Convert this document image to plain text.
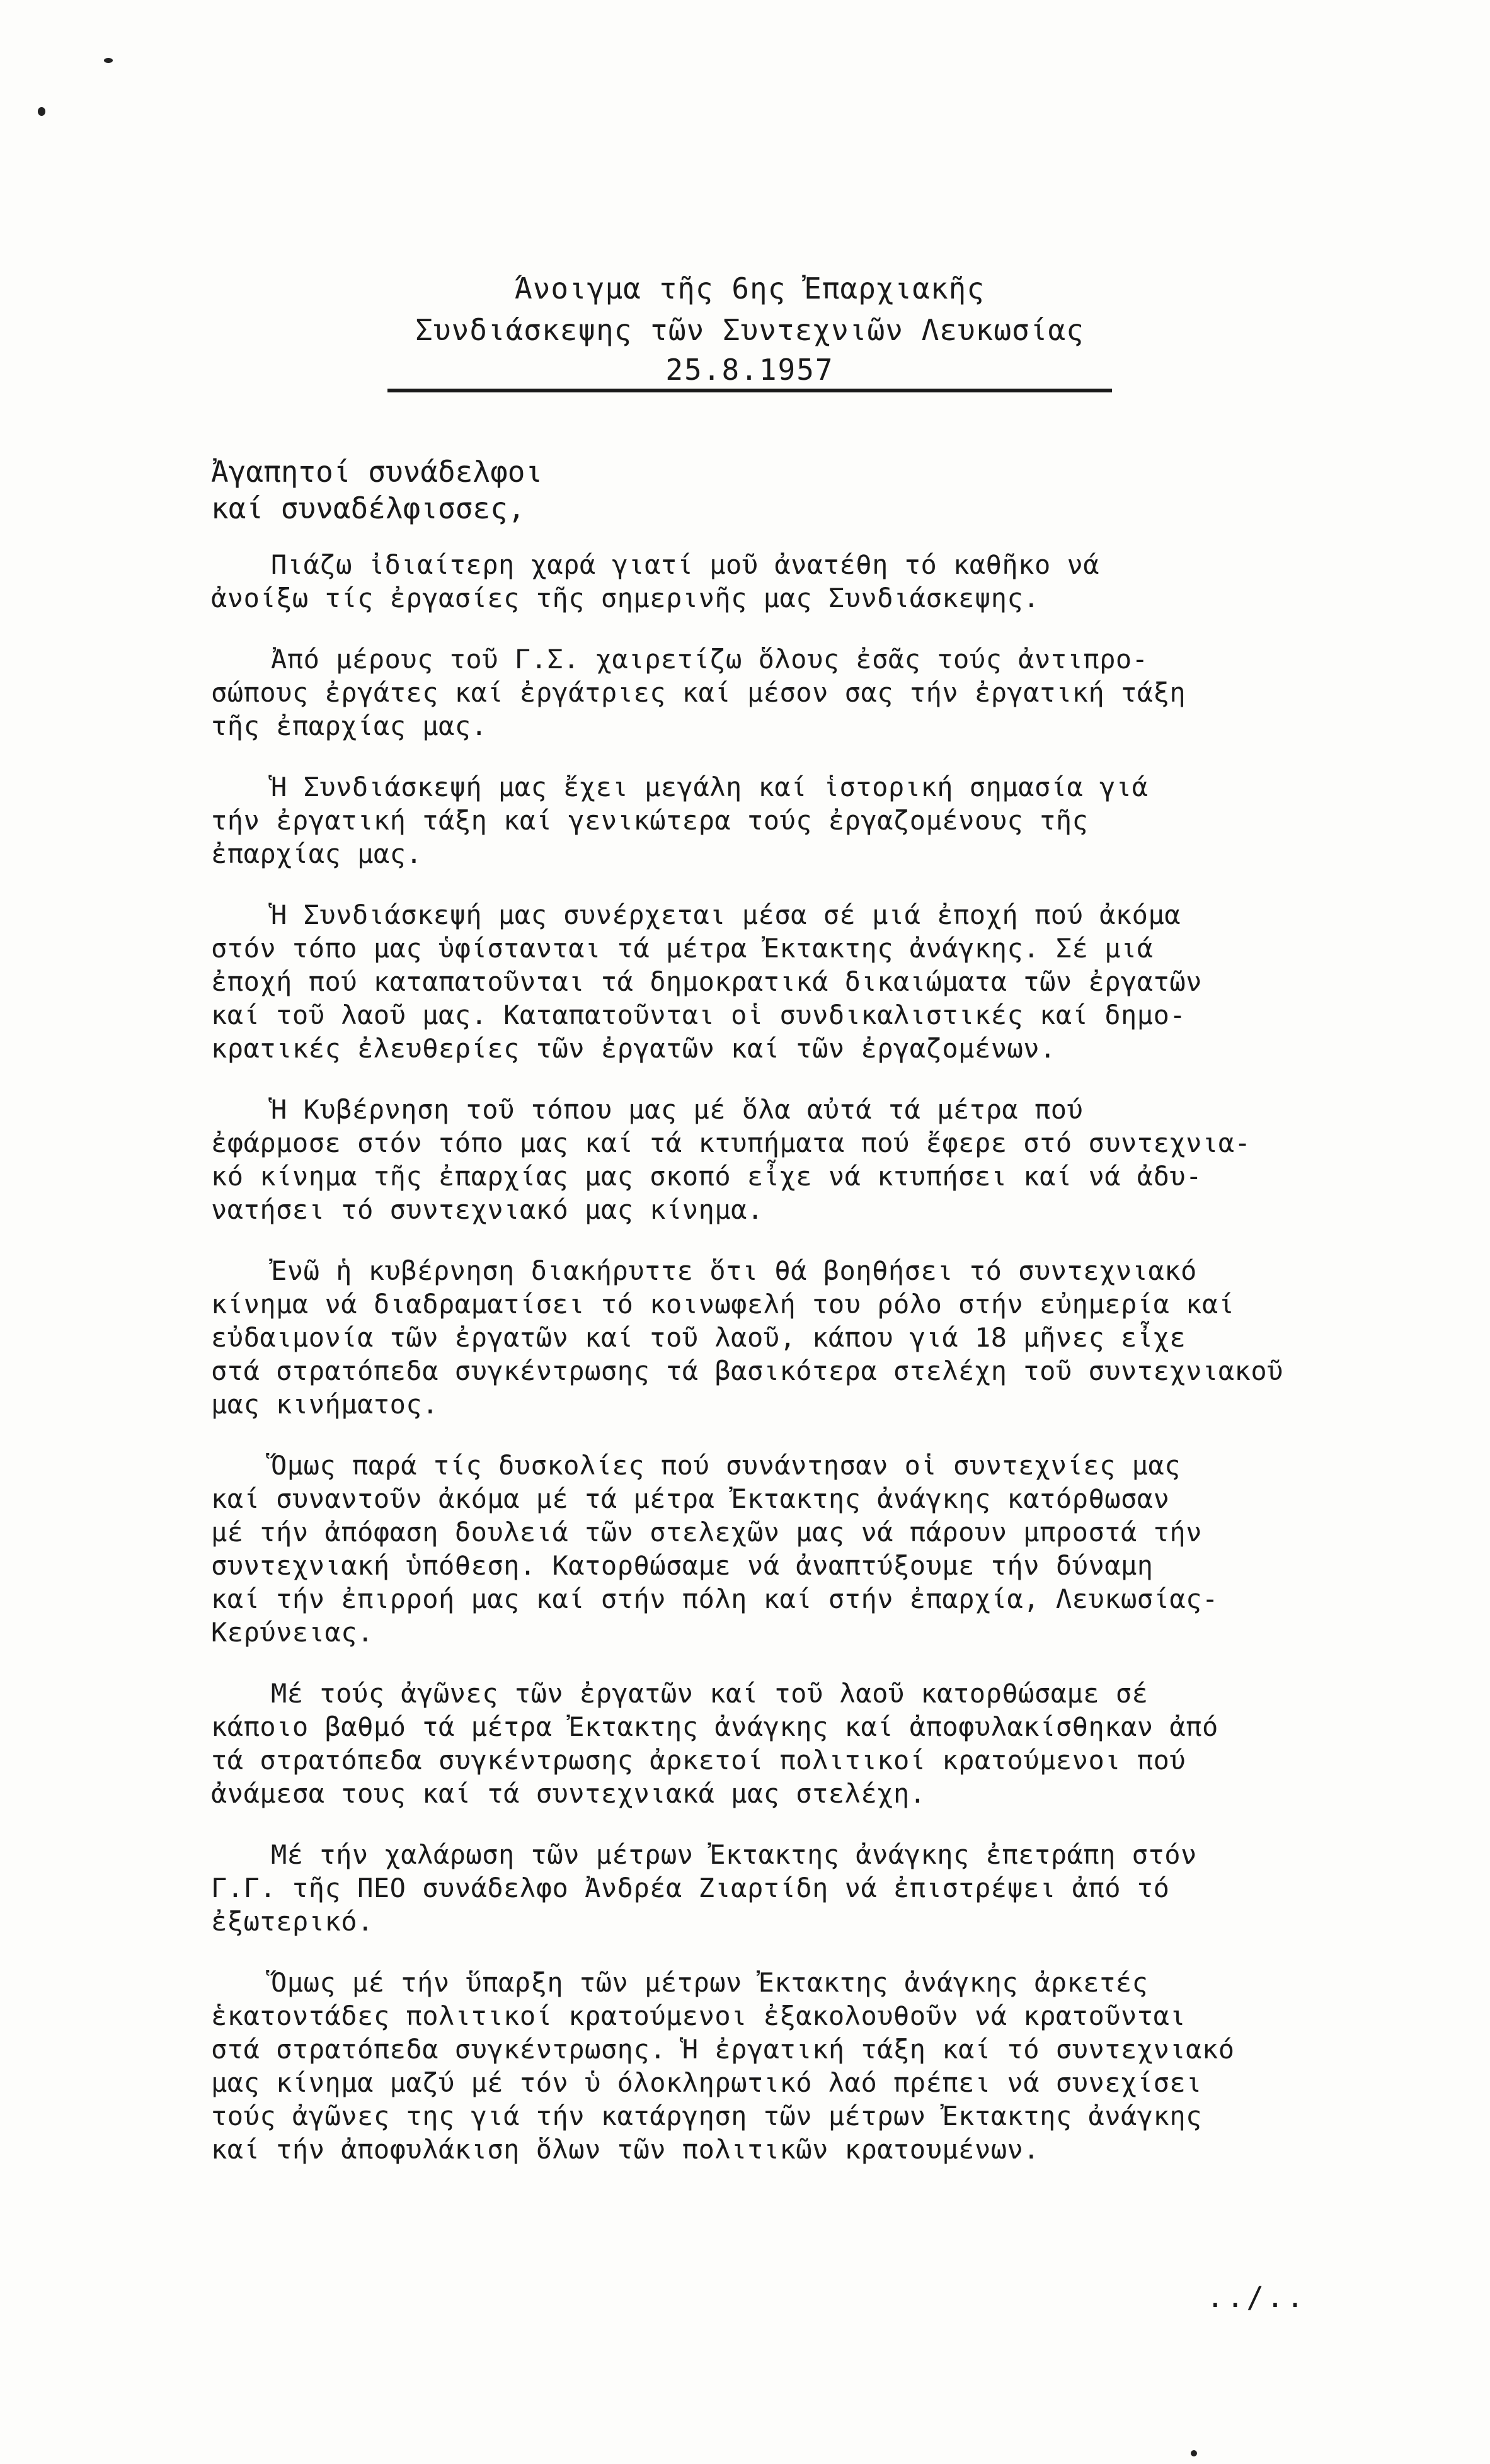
Άνοιγμα τῆς 6ης Ἐπαρχιακῆς
Συνδιάσκεψης τῶν Συντεχνιῶν Λευκωσίας
25.8.1957
Ἀγαπητοί συνάδελφοι
καί συναδέλφισσες,
Πιάζω ἰδιαίτερη χαρά γιατί μοῦ ἀνατέθη τό καθῆκο νά
ἀνοίξω τίς ἐργασίες τῆς σημερινῆς μας Συνδιάσκεψης.
Ἀπό μέρους τοῦ Γ.Σ. χαιρετίζω ὅλους ἐσᾶς τούς ἀντιπρο-
σώπους ἐργάτες καί ἐργάτριες καί μέσον σας τήν ἐργατική τάξη
τῆς ἐπαρχίας μας.
Ἡ Συνδιάσκεψή μας ἔχει μεγάλη καί ἱστορική σημασία γιά
τήν ἐργατική τάξη καί γενικώτερα τούς ἐργαζομένους τῆς
ἐπαρχίας μας.
Ἡ Συνδιάσκεψή μας συνέρχεται μέσα σέ μιά ἐποχή πού ἀκόμα
στόν τόπο μας ὑφίστανται τά μέτρα Ἐκτακτης ἀνάγκης. Σέ μιά
ἐποχή πού καταπατοῦνται τά δημοκρατικά δικαιώματα τῶν ἐργατῶν
καί τοῦ λαοῦ μας. Καταπατοῦνται οἱ συνδικαλιστικές καί δημο-
κρατικές ἐλευθερίες τῶν ἐργατῶν καί τῶν ἐργαζομένων.
Ἡ Κυβέρνηση τοῦ τόπου μας μέ ὅλα αὐτά τά μέτρα πού
ἐφάρμοσε στόν τόπο μας καί τά κτυπήματα πού ἔφερε στό συντεχνια-
κό κίνημα τῆς ἐπαρχίας μας σκοπό εἶχε νά κτυπήσει καί νά ἀδυ-
νατήσει τό συντεχνιακό μας κίνημα.
Ἐνῶ ἡ κυβέρνηση διακήρυττε ὅτι θά βοηθήσει τό συντεχνιακό
κίνημα νά διαδραματίσει τό κοινωφελή του ρόλο στήν εὐημερία καί
εὐδαιμονία τῶν ἐργατῶν καί τοῦ λαοῦ, κάπου γιά 18 μῆνες εἶχε
στά στρατόπεδα συγκέντρωσης τά βασικότερα στελέχη τοῦ συντεχνιακοῦ
μας κινήματος.
Ὅμως παρά τίς δυσκολίες πού συνάντησαν οἱ συντεχνίες μας
καί συναντοῦν ἀκόμα μέ τά μέτρα Ἐκτακτης ἀνάγκης κατόρθωσαν
μέ τήν ἀπόφαση δουλειά τῶν στελεχῶν μας νά πάρουν μπροστά τήν
συντεχνιακή ὑπόθεση. Κατορθώσαμε νά ἀναπτύξουμε τήν δύναμη
καί τήν ἐπιρροή μας καί στήν πόλη καί στήν ἐπαρχία, Λευκωσίας-
Κερύνειας.
Μέ τούς ἀγῶνες τῶν ἐργατῶν καί τοῦ λαοῦ κατορθώσαμε σέ
κάποιο βαθμό τά μέτρα Ἐκτακτης ἀνάγκης καί ἀποφυλακίσθηκαν ἀπό
τά στρατόπεδα συγκέντρωσης ἀρκετοί πολιτικοί κρατούμενοι πού
ἀνάμεσα τους καί τά συντεχνιακά μας στελέχη.
Μέ τήν χαλάρωση τῶν μέτρων Ἐκτακτης ἀνάγκης ἐπετράπη στόν
Γ.Γ. τῆς ΠΕΟ συνάδελφο Ἀνδρέα Ζιαρτίδη νά ἐπιστρέψει ἀπό τό
ἐξωτερικό.
Ὅμως μέ τήν ὕπαρξη τῶν μέτρων Ἐκτακτης ἀνάγκης ἀρκετές
ἑκατοντάδες πολιτικοί κρατούμενοι ἐξακολουθοῦν νά κρατοῦνται
στά στρατόπεδα συγκέντρωσης. Ἡ ἐργατική τάξη καί τό συντεχνιακό
μας κίνημα μαζύ μέ τόν ὑ όλοκληρωτικό λαό πρέπει νά συνεχίσει
τούς ἀγῶνες της γιά τήν κατάργηση τῶν μέτρων Ἐκτακτης ἀνάγκης
καί τήν ἀποφυλάκιση ὅλων τῶν πολιτικῶν κρατουμένων.
../..
